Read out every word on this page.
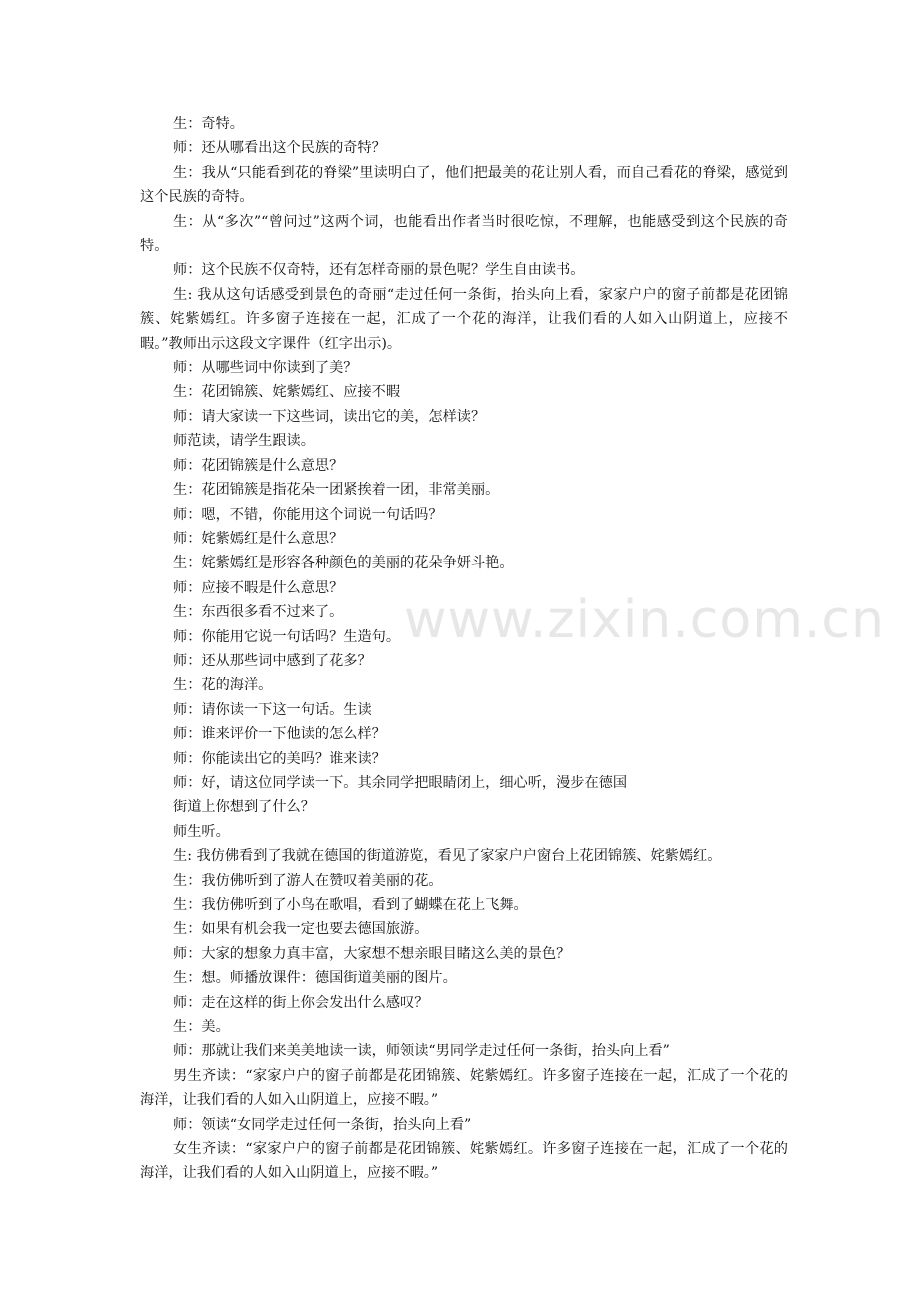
www.zixin.com.cn

生：奇特。

师：还从哪看出这个民族的奇特？

生：我从“只能看到花的脊梁”里读明白了，他们把最美的花让别人看，而自己看花的脊梁，感觉到这个民族的奇特。

生：从“多次”“曾问过”这两个词，也能看出作者当时很吃惊，不理解，也能感受到这个民族的奇特。

师：这个民族不仅奇特，还有怎样奇丽的景色呢？学生自由读书。

生: 我从这句话感受到景色的奇丽“走过任何一条街，抬头向上看，家家户户的窗子前都是花团锦簇、姹紫嫣红。许多窗子连接在一起，汇成了一个花的海洋，让我们看的人如入山阴道上，应接不暇。”教师出示这段文字课件（红字出示)。

师：从哪些词中你读到了美？

生：花团锦簇、姹紫嫣红、应接不暇

师：请大家读一下这些词，读出它的美，怎样读？

师范读，请学生跟读。

师：花团锦簇是什么意思？

生：花团锦簇是指花朵一团紧挨着一团，非常美丽。

师：嗯，不错，你能用这个词说一句话吗？

师：姹紫嫣红是什么意思？

生：姹紫嫣红是形容各种颜色的美丽的花朵争妍斗艳。

师：应接不暇是什么意思？

生：东西很多看不过来了。

师：你能用它说一句话吗？生造句。

师：还从那些词中感到了花多？

生：花的海洋。

师：请你读一下这一句话。生读

师：谁来评价一下他读的怎么样？

师：你能读出它的美吗？谁来读？

师：好，请这位同学读一下。其余同学把眼睛闭上，细心听，漫步在德国

街道上你想到了什么？

师生听。

生: 我仿佛看到了我就在德国的街道游览，看见了家家户户窗台上花团锦簇、姹紫嫣红。

生：我仿佛听到了游人在赞叹着美丽的花。

生：我仿佛听到了小鸟在歌唱，看到了蝴蝶在花上飞舞。

生：如果有机会我一定也要去德国旅游。

师：大家的想象力真丰富，大家想不想亲眼目睹这么美的景色？

生：想。师播放课件：德国街道美丽的图片。

师：走在这样的街上你会发出什么感叹？

生：美。

师：那就让我们来美美地读一读，师领读“男同学走过任何一条街，抬头向上看”

男生齐读：“家家户户的窗子前都是花团锦簇、姹紫嫣红。许多窗子连接在一起，汇成了一个花的海洋，让我们看的人如入山阴道上，应接不暇。”

师：领读“女同学走过任何一条街，抬头向上看”

女生齐读：“家家户户的窗子前都是花团锦簇、姹紫嫣红。许多窗子连接在一起，汇成了一个花的海洋，让我们看的人如入山阴道上，应接不暇。”
